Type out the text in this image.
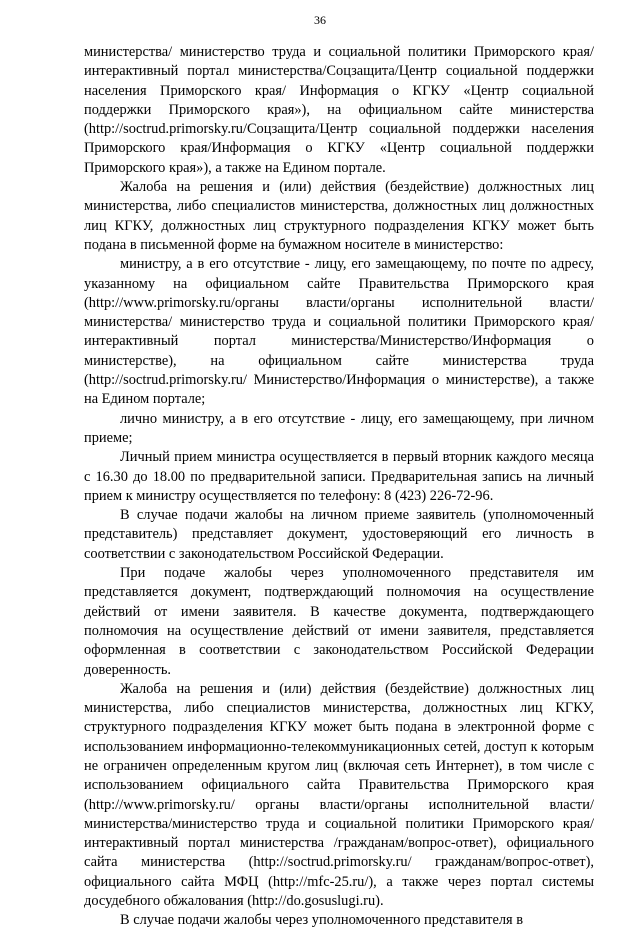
36

министерства/ министерство труда и социальной политики Приморского края/интерактивный портал министерства/Соцзащита/Центр социальной поддержки населения Приморского края/ Информация о КГКУ «Центр социальной поддержки Приморского края»), на официальном сайте министерства (http://soctrud.primorsky.ru/Соцзащита/Центр социальной поддержки населения Приморского края/Информация о КГКУ «Центр социальной поддержки Приморского края»), а также на Едином портале.

Жалоба на решения и (или) действия (бездействие) должностных лиц министерства, либо специалистов министерства, должностных лиц должностных лиц КГКУ, должностных лиц структурного подразделения КГКУ может быть подана в письменной форме на бумажном носителе в министерство:

министру, а в его отсутствие - лицу, его замещающему, по почте по адресу, указанному на официальном сайте Правительства Приморского края (http://www.primorsky.ru/органы власти/органы исполнительной власти/ министерства/ министерство труда и социальной политики Приморского края/интерактивный портал министерства/Министерство/Информация о министерстве), на официальном сайте министерства труда (http://soctrud.primorsky.ru/ Министерство/Информация о министерстве), а также на Едином портале;

лично министру, а в его отсутствие - лицу, его замещающему, при личном приеме;

Личный прием министра осуществляется в первый вторник каждого месяца с 16.30 до 18.00 по предварительной записи. Предварительная запись на личный прием к министру осуществляется по телефону: 8 (423) 226-72-96.

В случае подачи жалобы на личном приеме заявитель (уполномоченный представитель) представляет документ, удостоверяющий его личность в соответствии с законодательством Российской Федерации.

При подаче жалобы через уполномоченного представителя им представляется документ, подтверждающий полномочия на осуществление действий от имени заявителя. В качестве документа, подтверждающего полномочия на осуществление действий от имени заявителя, представляется оформленная в соответствии с законодательством Российской Федерации доверенность.

Жалоба на решения и (или) действия (бездействие) должностных лиц министерства, либо специалистов министерства, должностных лиц КГКУ, структурного подразделения КГКУ может быть подана в электронной форме с использованием информационно-телекоммуникационных сетей, доступ к которым не ограничен определенным кругом лиц (включая сеть Интернет), в том числе с использованием официального сайта Правительства Приморского края (http://www.primorsky.ru/ органы власти/органы исполнительной власти/министерства/министерство труда и социальной политики Приморского края/интерактивный портал министерства /гражданам/вопрос-ответ), официального сайта министерства (http://soctrud.primorsky.ru/ гражданам/вопрос-ответ), официального сайта МФЦ (http://mfc-25.ru/), а также через портал системы досудебного обжалования (http://do.gosuslugi.ru).

В случае подачи жалобы через уполномоченного представителя в
